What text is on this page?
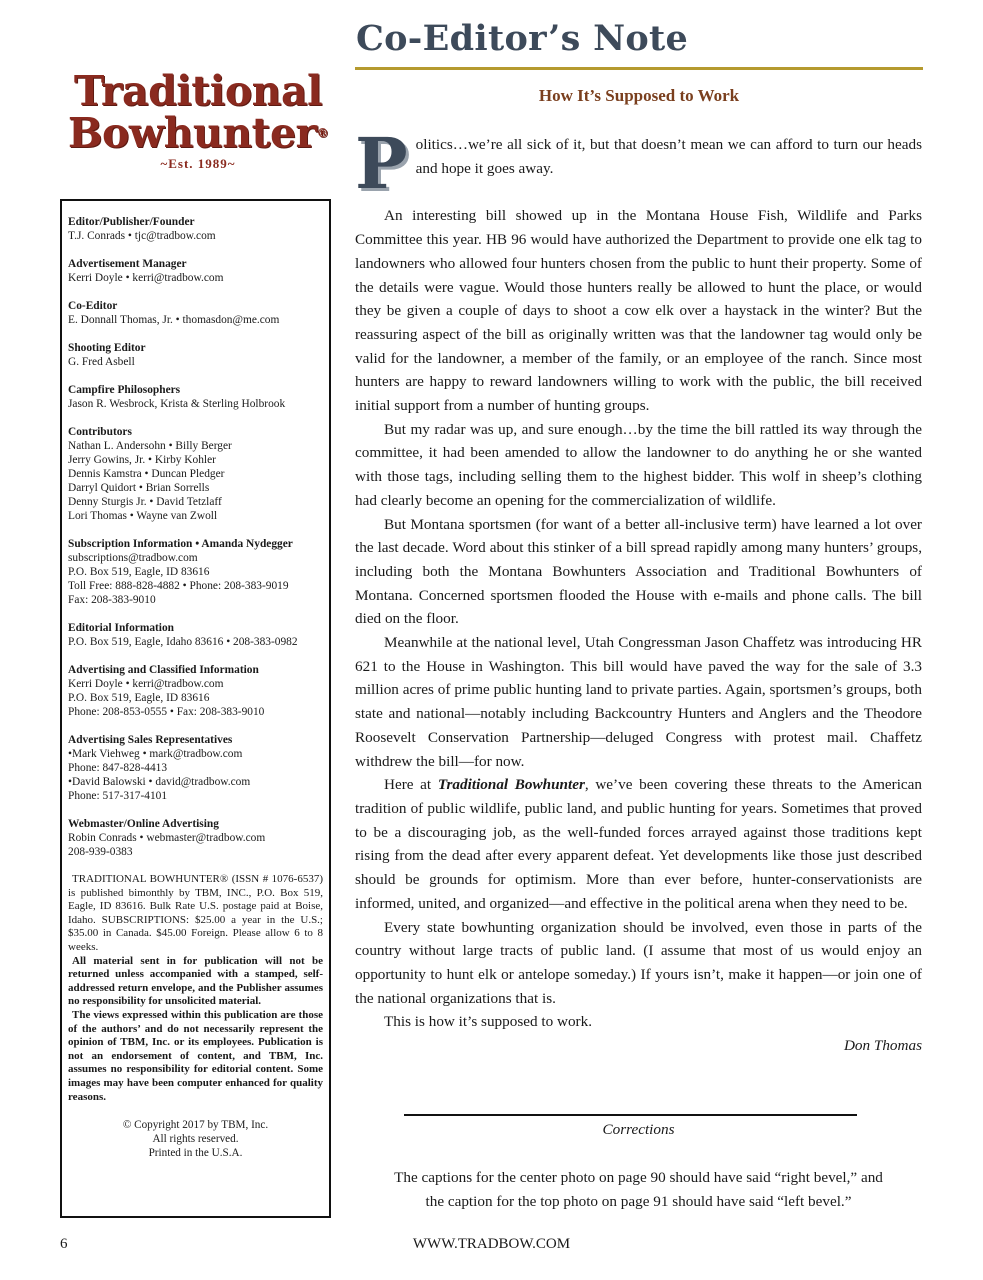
Traditional
Bowhunter®
~Est. 1989~
Editor/Publisher/Founder
T.J. Conrads • tjc@tradbow.com
Advertisement Manager
Kerri Doyle • kerri@tradbow.com
Co-Editor
E. Donnall Thomas, Jr. • thomasdon@me.com
Shooting Editor
G. Fred Asbell
Campfire Philosophers
Jason R. Wesbrock, Krista & Sterling Holbrook
Contributors
Nathan L. Andersohn • Billy Berger
Jerry Gowins, Jr. • Kirby Kohler
Dennis Kamstra • Duncan Pledger
Darryl Quidort • Brian Sorrells
Denny Sturgis Jr. • David Tetzlaff
Lori Thomas • Wayne van Zwoll
Subscription Information • Amanda Nydegger
subscriptions@tradbow.com
P.O. Box 519, Eagle, ID 83616
Toll Free: 888-828-4882 • Phone: 208-383-9019
Fax: 208-383-9010
Editorial Information
P.O. Box 519, Eagle, Idaho 83616 • 208-383-0982
Advertising and Classified Information
Kerri Doyle • kerri@tradbow.com
P.O. Box 519, Eagle, ID 83616
Phone: 208-853-0555 • Fax: 208-383-9010
Advertising Sales Representatives
•Mark Viehweg • mark@tradbow.com
Phone: 847-828-4413
•David Balowski • david@tradbow.com
Phone: 517-317-4101
Webmaster/Online Advertising
Robin Conrads • webmaster@tradbow.com
208-939-0383

TRADITIONAL BOWHUNTER® (ISSN # 1076-6537) is published bimonthly by TBM, INC., P.O. Box 519, Eagle, ID 83616. Bulk Rate U.S. postage paid at Boise, Idaho. SUBSCRIPTIONS: $25.00 a year in the U.S.; $35.00 in Canada. $45.00 Foreign. Please allow 6 to 8 weeks.

All material sent in for publication will not be returned unless accompanied with a stamped, self-addressed return envelope, and the Publisher assumes no responsibility for unsolicited material.

The views expressed within this publication are those of the authors’ and do not necessarily represent the opinion of TBM, Inc. or its employees. Publication is not an endorsement of content, and TBM, Inc. assumes no responsibility for editorial content. Some images may have been computer enhanced for quality reasons.

© Copyright 2017 by TBM, Inc.
All rights reserved.
Printed in the U.S.A.
Co-Editor’s Note
How It’s Supposed to Work

Politics…we’re all sick of it, but that doesn’t mean we can afford to turn our heads and hope it goes away.

An interesting bill showed up in the Montana House Fish, Wildlife and Parks Committee this year. HB 96 would have authorized the Department to provide one elk tag to landowners who allowed four hunters chosen from the public to hunt their property. Some of the details were vague. Would those hunters really be allowed to hunt the place, or would they be given a couple of days to shoot a cow elk over a haystack in the winter? But the reassuring aspect of the bill as originally written was that the landowner tag would only be valid for the landowner, a member of the family, or an employee of the ranch. Since most hunters are happy to reward landowners willing to work with the public, the bill received initial support from a number of hunting groups.

But my radar was up, and sure enough…by the time the bill rattled its way through the committee, it had been amended to allow the landowner to do anything he or she wanted with those tags, including selling them to the highest bidder. This wolf in sheep’s clothing had clearly become an opening for the commercialization of wildlife.

But Montana sportsmen (for want of a better all-inclusive term) have learned a lot over the last decade. Word about this stinker of a bill spread rapidly among many hunters’ groups, including both the Montana Bowhunters Association and Traditional Bowhunters of Montana. Concerned sportsmen flooded the House with e-mails and phone calls. The bill died on the floor.

Meanwhile at the national level, Utah Congressman Jason Chaffetz was introducing HR 621 to the House in Washington. This bill would have paved the way for the sale of 3.3 million acres of prime public hunting land to private parties. Again, sportsmen’s groups, both state and national—notably including Backcountry Hunters and Anglers and the Theodore Roosevelt Conservation Partnership—deluged Congress with protest mail. Chaffetz withdrew the bill—for now.

Here at Traditional Bowhunter, we’ve been covering these threats to the American tradition of public wildlife, public land, and public hunting for years. Sometimes that proved to be a discouraging job, as the well-funded forces arrayed against those traditions kept rising from the dead after every apparent defeat. Yet developments like those just described should be grounds for optimism. More than ever before, hunter-conservationists are informed, united, and organized—and effective in the political arena when they need to be.

Every state bowhunting organization should be involved, even those in parts of the country without large tracts of public land. (I assume that most of us would enjoy an opportunity to hunt elk or antelope someday.) If yours isn’t, make it happen—or join one of the national organizations that is.

This is how it’s supposed to work.

Don Thomas

Corrections
The captions for the center photo on page 90 should have said “right bevel,” and
the caption for the top photo on page 91 should have said “left bevel.”
6	WWW.TRADBOW.COM
